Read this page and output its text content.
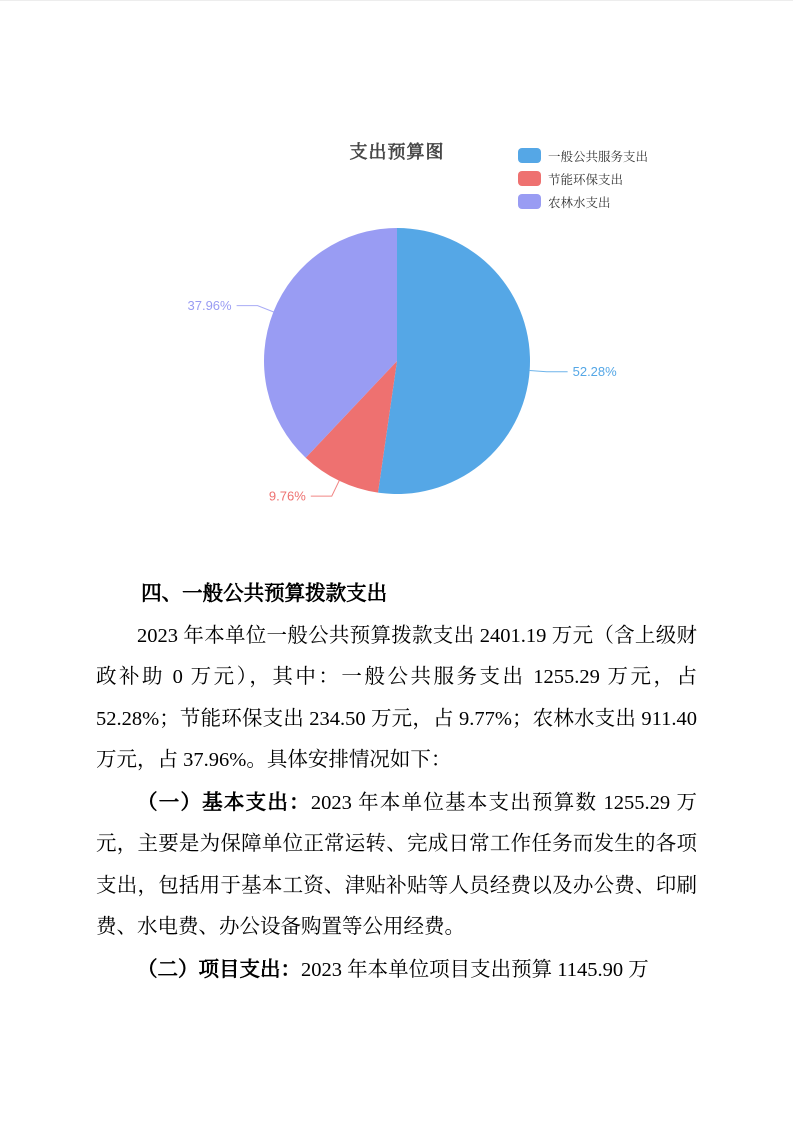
52.28%
9.76%
37.96%
支出预算图	一般公共服务支出
节能环保支出
农林水支出
四、一般公共预算拨款支出

2023 年本单位一般公共预算拨款支出 2401.19 万元（含上级财政补助 0 万元），其中：一般公共服务支出 1255.29 万元，占 52.28%；节能环保支出 234.50 万元，占 9.77%；农林水支出 911.40 万元，占 37.96%。具体安排情况如下：

（一）基本支出：2023 年本单位基本支出预算数 1255.29 万元，主要是为保障单位正常运转、完成日常工作任务而发生的各项支出，包括用于基本工资、津贴补贴等人员经费以及办公费、印刷费、水电费、办公设备购置等公用经费。

（二）项目支出：2023 年本单位项目支出预算 1145.90 万
